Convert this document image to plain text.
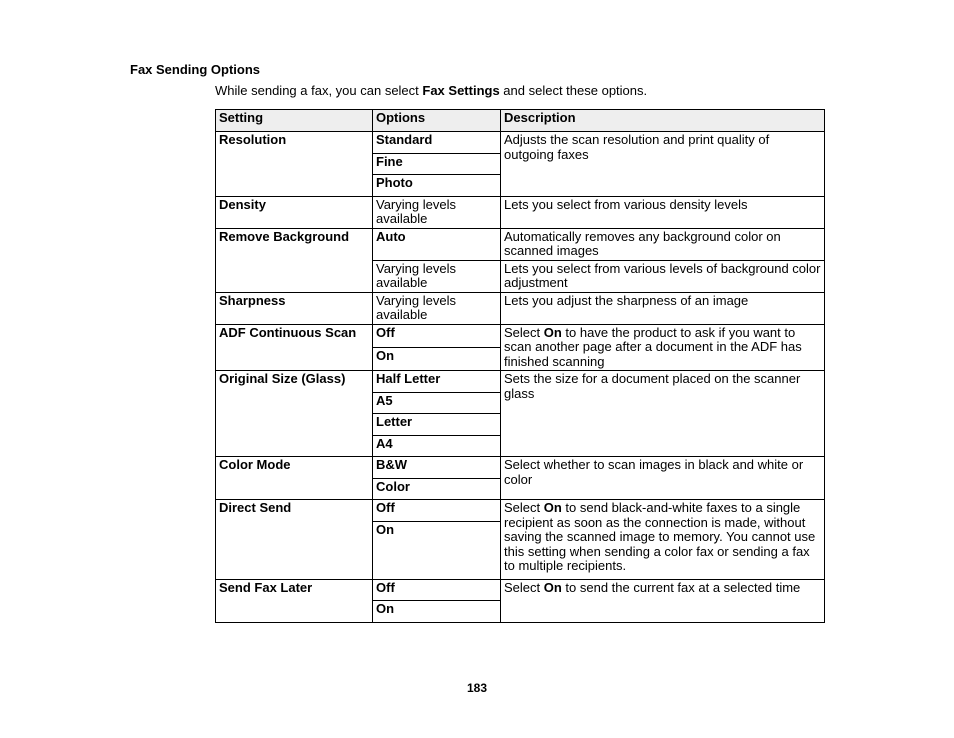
Fax Sending Options

While sending a fax, you can select Fax Settings and select these options.

Setting	Options	Description
Resolution	Standard	Adjusts the scan resolution and print quality of outgoing faxes
	Fine	
	Photo	
Density	Varying levels available	Lets you select from various density levels
Remove Background	Auto	Automatically removes any background color on scanned images
	Varying levels available	Lets you select from various levels of background color adjustment
Sharpness	Varying levels available	Lets you adjust the sharpness of an image
ADF Continuous Scan	Off	Select On to have the product to ask if you want to scan another page after a document in the ADF has finished scanning
	On	
Original Size (Glass)	Half Letter	Sets the size for a document placed on the scanner glass
	A5	
	Letter	
	A4	
Color Mode	B&W	Select whether to scan images in black and white or color
	Color	
Direct Send	Off	Select On to send black-and-white faxes to a single recipient as soon as the connection is made, without saving the scanned image to memory. You cannot use this setting when sending a color fax or sending a fax to multiple recipients.
	On	
Send Fax Later	Off	Select On to send the current fax at a selected time
	On	

183
